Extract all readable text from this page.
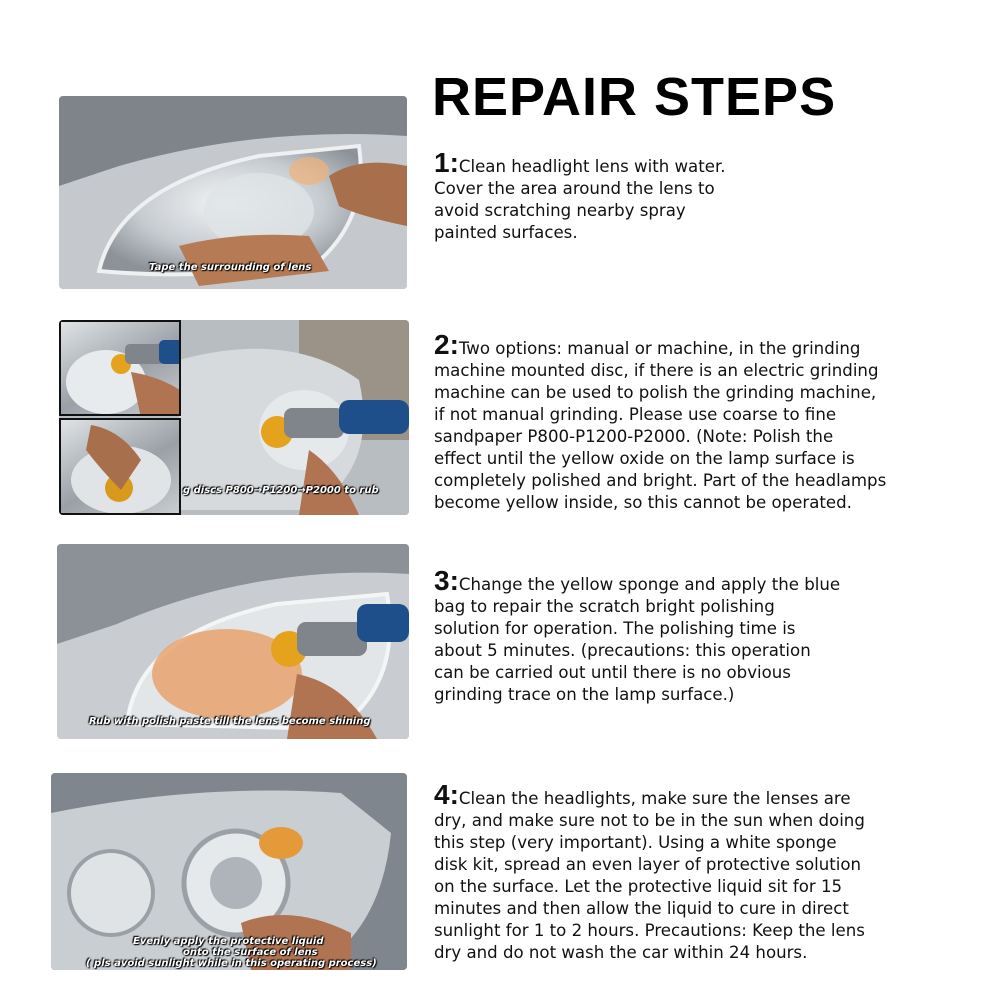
REPAIR STEPS
Tape the surrounding of lens
1:Clean headlight lens with water.
Cover the area around the lens to
avoid scratching nearby spray
painted surfaces.
g discs P800→P1200→P2000 to rub
2:Two options: manual or machine, in the grinding
machine mounted disc, if there is an electric grinding
machine can be used to polish the grinding machine,
if not manual grinding. Please use coarse to fine
sandpaper P800-P1200-P2000. (Note: Polish the
effect until the yellow oxide on the lamp surface is
completely polished and bright. Part of the headlamps
become yellow inside, so this cannot be operated.
Rub with polish paste till the lens become shining
3:Change the yellow sponge and apply the blue
bag to repair the scratch bright polishing
solution for operation. The polishing time is
about 5 minutes. (precautions: this operation
can be carried out until there is no obvious
grinding trace on the lamp surface.)
Evenly apply the protective liquid
onto the surface of lens
( pls avoid sunlight while in this operating process)
4:Clean the headlights, make sure the lenses are
dry, and make sure not to be in the sun when doing
this step (very important). Using a white sponge
disk kit, spread an even layer of protective solution
on the surface. Let the protective liquid sit for 15
minutes and then allow the liquid to cure in direct
sunlight for 1 to 2 hours. Precautions: Keep the lens
dry and do not wash the car within 24 hours.
